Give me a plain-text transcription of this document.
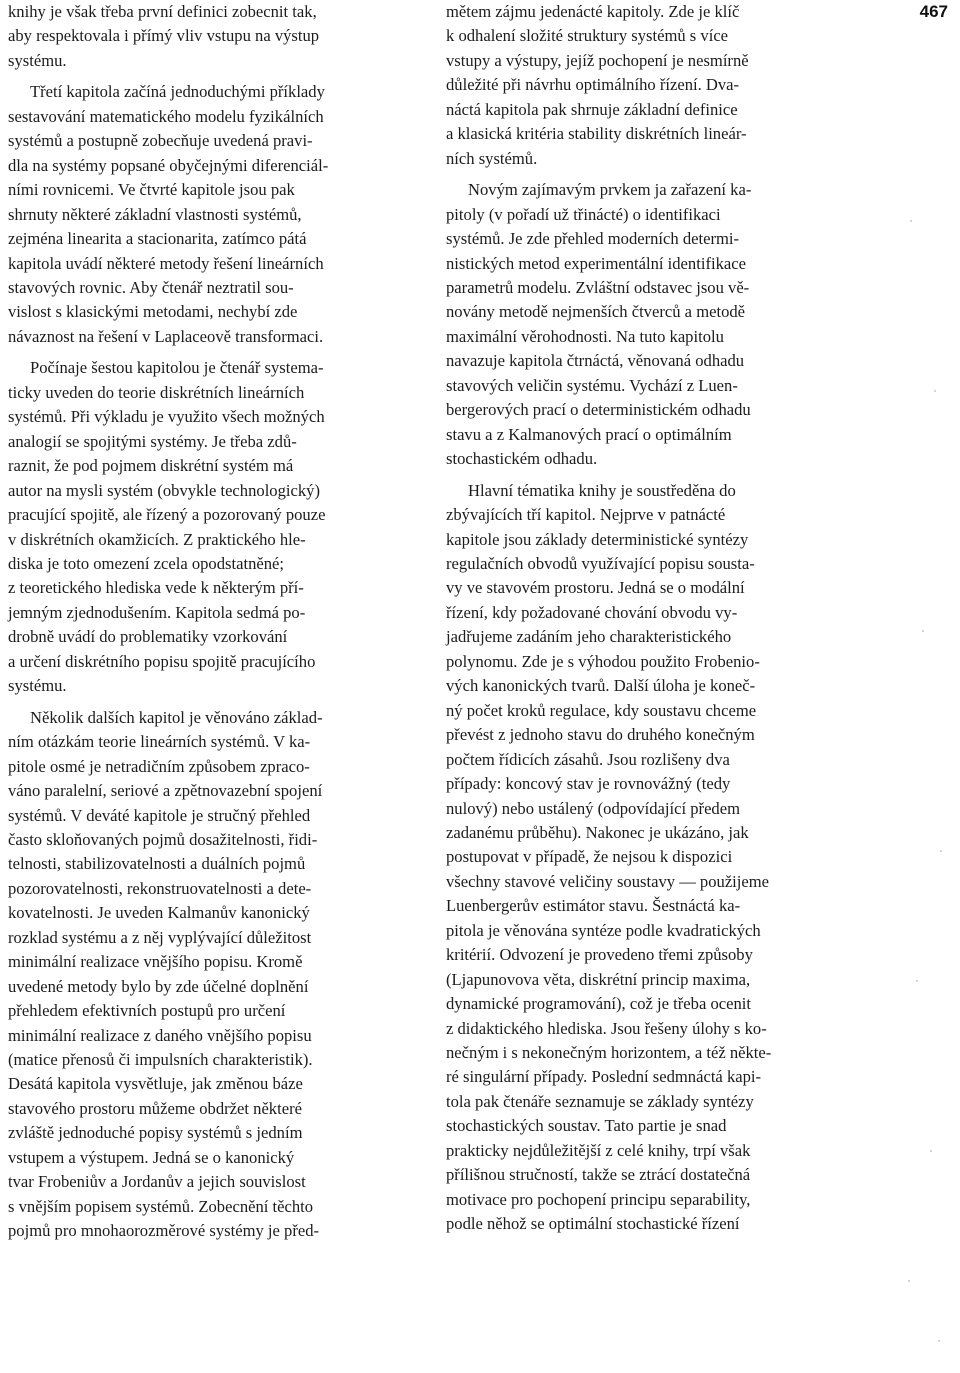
knihy je však třeba první definici zobecnit tak,
aby respektovala i přímý vliv vstupu na výstup
systému.

Třetí kapitola začíná jednoduchými příklady
sestavování matematického modelu fyzikálních
systémů a postupně zobecňuje uvedená pravi-
dla na systémy popsané obyčejnými diferenciál-
ními rovnicemi. Ve čtvrté kapitole jsou pak
shrnuty některé základní vlastnosti systémů,
zejména linearita a stacionarita, zatímco pátá
kapitola uvádí některé metody řešení lineárních
stavových rovnic. Aby čtenář neztratil sou-
vislost s klasickými metodami, nechybí zde
návaznost na řešení v Laplaceově transformaci.

Počínaje šestou kapitolou je čtenář systema-
ticky uveden do teorie diskrétních lineárních
systémů. Při výkladu je využito všech možných
analogií se spojitými systémy. Je třeba zdů-
raznit, že pod pojmem diskrétní systém má
autor na mysli systém (obvykle technologický)
pracující spojitě, ale řízený a pozorovaný pouze
v diskrétních okamžicích. Z praktického hle-
diska je toto omezení zcela opodstatněné;
z teoretického hlediska vede k některým pří-
jemným zjednodušením. Kapitola sedmá po-
drobně uvádí do problematiky vzorkování
a určení diskrétního popisu spojitě pracujícího
systému.

Několik dalších kapitol je věnováno základ-
ním otázkám teorie lineárních systémů. V ka-
pitole osmé je netradičním způsobem zpraco-
váno paralelní, seriové a zpětnovazební spojení
systémů. V deváté kapitole je stručný přehled
často skloňovaných pojmů dosažitelnosti, řidi-
telnosti, stabilizovatelnosti a duálních pojmů
pozorovatelnosti, rekonstruovatelnosti a dete-
kovatelnosti. Je uveden Kalmanův kanonický
rozklad systému a z něj vyplývající důležitost
minimální realizace vnějšího popisu. Kromě
uvedené metody bylo by zde účelné doplnění
přehledem efektivních postupů pro určení
minimální realizace z daného vnějšího popisu
(matice přenosů či impulsních charakteristik).
Desátá kapitola vysvětluje, jak změnou báze
stavového prostoru můžeme obdržet některé
zvláště jednoduché popisy systémů s jedním
vstupem a výstupem. Jedná se o kanonický
tvar Frobeniův a Jordanův a jejich souvislost
s vnějším popisem systémů. Zobecnění těchto
pojmů pro mnohaorozměrové systémy je před-

mětem zájmu jedenácté kapitoly. Zde je klíč
k odhalení složité struktury systémů s více
vstupy a výstupy, jejíž pochopení je nesmírně
důležité při návrhu optimálního řízení. Dva-
náctá kapitola pak shrnuje základní definice
a klasická kritéria stability diskrétních lineár-
ních systémů.

Novým zajímavým prvkem ja zařazení ka-
pitoly (v pořadí už třinácté) o identifikaci
systémů. Je zde přehled moderních determi-
nistických metod experimentální identifikace
parametrů modelu. Zvláštní odstavec jsou vě-
novány metodě nejmenších čtverců a metodě
maximální věrohodnosti. Na tuto kapitolu
navazuje kapitola čtrnáctá, věnovaná odhadu
stavových veličin systému. Vychází z Luen-
bergerových prací o deterministickém odhadu
stavu a z Kalmanových prací o optimálním
stochastickém odhadu.

Hlavní tématika knihy je soustředěna do
zbývajících tří kapitol. Nejprve v patnácté
kapitole jsou základy deterministické syntézy
regulačních obvodů využívající popisu sousta-
vy ve stavovém prostoru. Jedná se o modální
řízení, kdy požadované chování obvodu vy-
jadřujeme zadáním jeho charakteristického
polynomu. Zde je s výhodou použito Frobenio-
vých kanonických tvarů. Další úloha je koneč-
ný počet kroků regulace, kdy soustavu chceme
převést z jednoho stavu do druhého konečným
počtem řídicích zásahů. Jsou rozlišeny dva
případy: koncový stav je rovnovážný (tedy
nulový) nebo ustálený (odpovídající předem
zadanému průběhu). Nakonec je ukázáno, jak
postupovat v případě, že nejsou k dispozici
všechny stavové veličiny soustavy — použijeme
Luenbergerův estimátor stavu. Šestnáctá ka-
pitola je věnována syntéze podle kvadratických
kritérií. Odvození je provedeno třemi způsoby
(Ljapunovova věta, diskrétní princip maxima,
dynamické programování), což je třeba ocenit
z didaktického hlediska. Jsou řešeny úlohy s ko-
nečným i s nekonečným horizontem, a též někte-
ré singulární případy. Poslední sedmnáctá kapi-
tola pak čtenáře seznamuje se základy syntézy
stochastických soustav. Tato partie je snad
prakticky nejdůležitější z celé knihy, trpí však
přílišnou stručností, takže se ztrácí dostatečná
motivace pro pochopení principu separability,
podle něhož se optimální stochastické řízení

467
